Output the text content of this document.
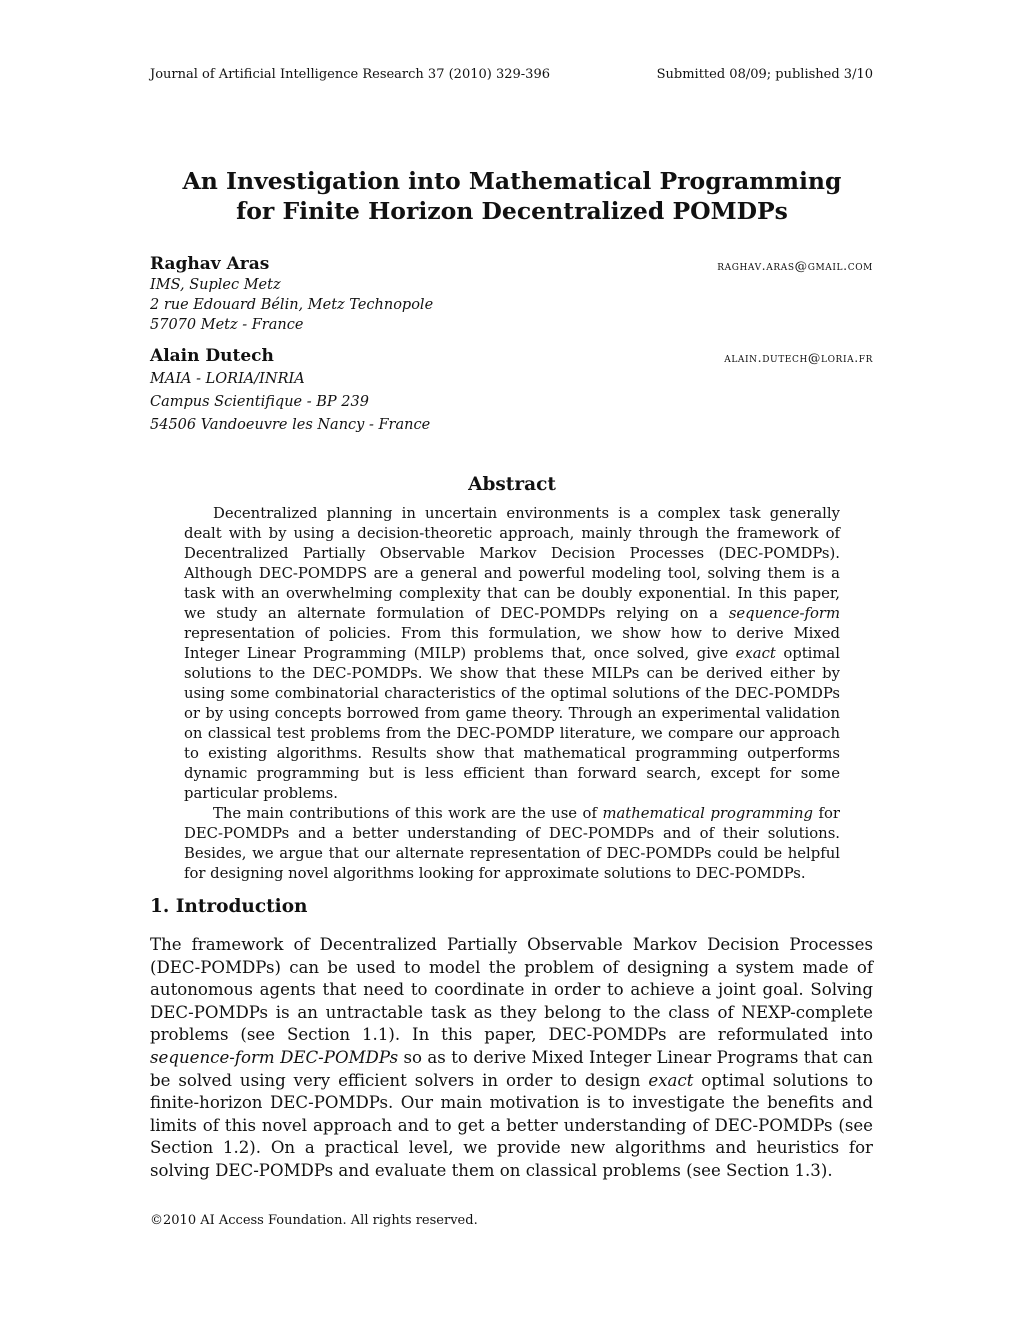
Journal of Artificial Intelligence Research 37 (2010) 329-396	Submitted 08/09; published 3/10
An Investigation into Mathematical Programming
for Finite Horizon Decentralized POMDPs
Raghav Aras	raghav.aras@gmail.com
IMS, Suplec Metz
2 rue Edouard Bélin, Metz Technopole
57070 Metz - France
Alain Dutech	alain.dutech@loria.fr
MAIA - LORIA/INRIA
Campus Scientifique - BP 239
54506 Vandoeuvre les Nancy - France
Abstract

Decentralized planning in uncertain environments is a complex task generally dealt with by using a decision-theoretic approach, mainly through the framework of Decentralized Partially Observable Markov Decision Processes (DEC-POMDPs). Although DEC-POMDPS are a general and powerful modeling tool, solving them is a task with an overwhelming complexity that can be doubly exponential. In this paper, we study an alternate formulation of DEC-POMDPs relying on a sequence-form representation of policies. From this formulation, we show how to derive Mixed Integer Linear Programming (MILP) problems that, once solved, give exact optimal solutions to the DEC-POMDPs. We show that these MILPs can be derived either by using some combinatorial characteristics of the optimal solutions of the DEC-POMDPs or by using concepts borrowed from game theory. Through an experimental validation on classical test problems from the DEC-POMDP literature, we compare our approach to existing algorithms. Results show that mathematical programming outperforms dynamic programming but is less efficient than forward search, except for some particular problems.

The main contributions of this work are the use of mathematical programming for DEC-POMDPs and a better understanding of DEC-POMDPs and of their solutions. Besides, we argue that our alternate representation of DEC-POMDPs could be helpful for designing novel algorithms looking for approximate solutions to DEC-POMDPs.

1. Introduction

The framework of Decentralized Partially Observable Markov Decision Processes (DEC-POMDPs) can be used to model the problem of designing a system made of autonomous agents that need to coordinate in order to achieve a joint goal. Solving DEC-POMDPs is an untractable task as they belong to the class of NEXP-complete problems (see Section 1.1). In this paper, DEC-POMDPs are reformulated into sequence-form DEC-POMDPs so as to derive Mixed Integer Linear Programs that can be solved using very efficient solvers in order to design exact optimal solutions to finite-horizon DEC-POMDPs. Our main motivation is to investigate the benefits and limits of this novel approach and to get a better understanding of DEC-POMDPs (see Section 1.2). On a practical level, we provide new algorithms and heuristics for solving DEC-POMDPs and evaluate them on classical problems (see Section 1.3).

©2010 AI Access Foundation. All rights reserved.
